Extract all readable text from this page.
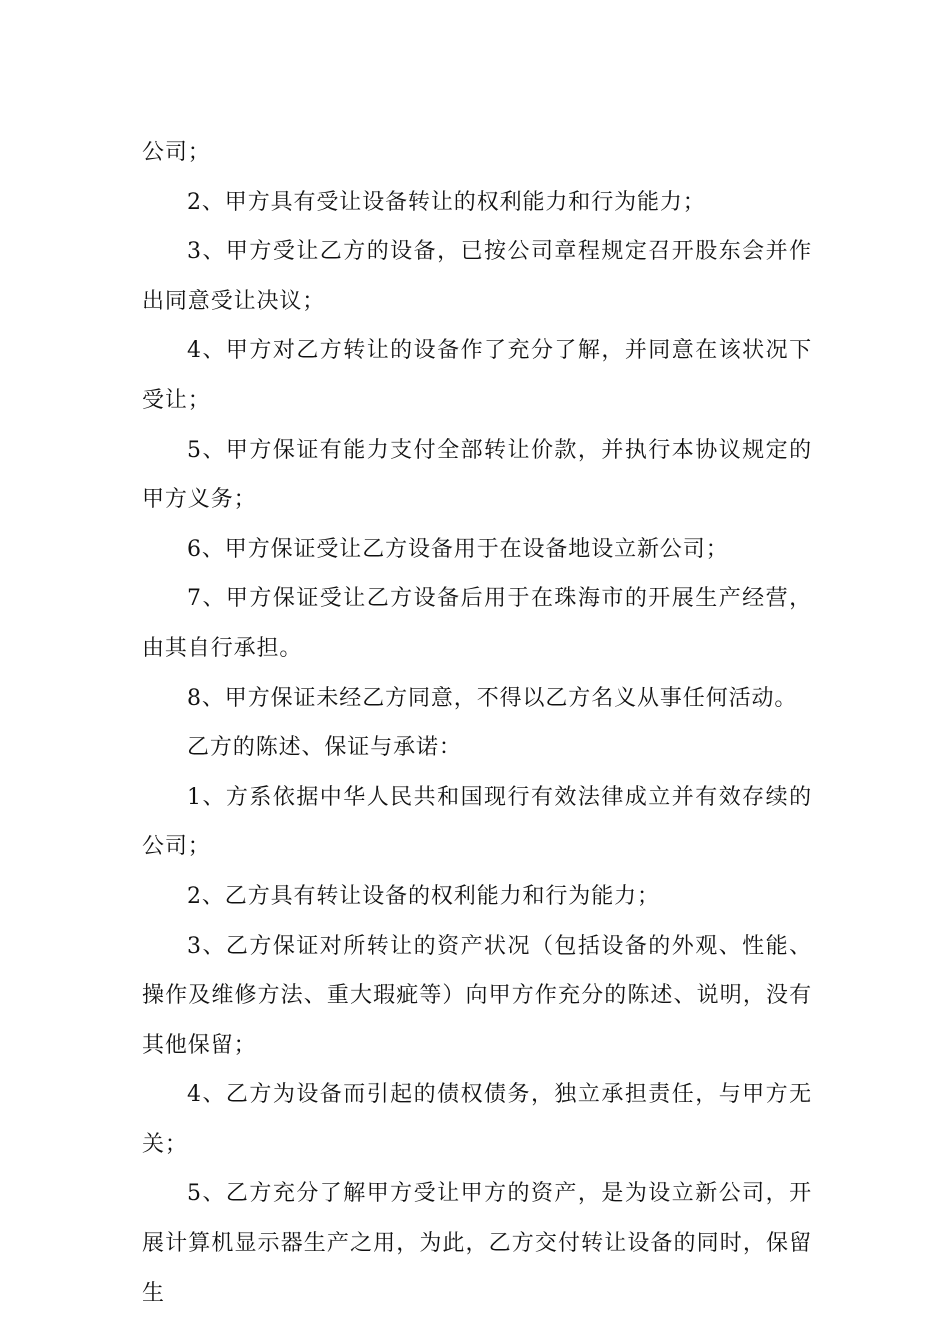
公司；

2、甲方具有受让设备转让的权利能力和行为能力；

3、甲方受让乙方的设备，已按公司章程规定召开股东会并作出同意受让决议；

4、甲方对乙方转让的设备作了充分了解，并同意在该状况下受让；

5、甲方保证有能力支付全部转让价款，并执行本协议规定的甲方义务；

6、甲方保证受让乙方设备用于在设备地设立新公司；

7、甲方保证受让乙方设备后用于在珠海市的开展生产经营，由其自行承担。

8、甲方保证未经乙方同意，不得以乙方名义从事任何活动。

乙方的陈述、保证与承诺：

1、方系依据中华人民共和国现行有效法律成立并有效存续的公司；

2、乙方具有转让设备的权利能力和行为能力；

3、乙方保证对所转让的资产状况（包括设备的外观、性能、操作及维修方法、重大瑕疵等）向甲方作充分的陈述、说明，没有其他保留；

4、乙方为设备而引起的债权债务，独立承担责任，与甲方无关；

5、乙方充分了解甲方受让甲方的资产，是为设立新公司，开展计算机显示器生产之用，为此，乙方交付转让设备的同时，保留生
